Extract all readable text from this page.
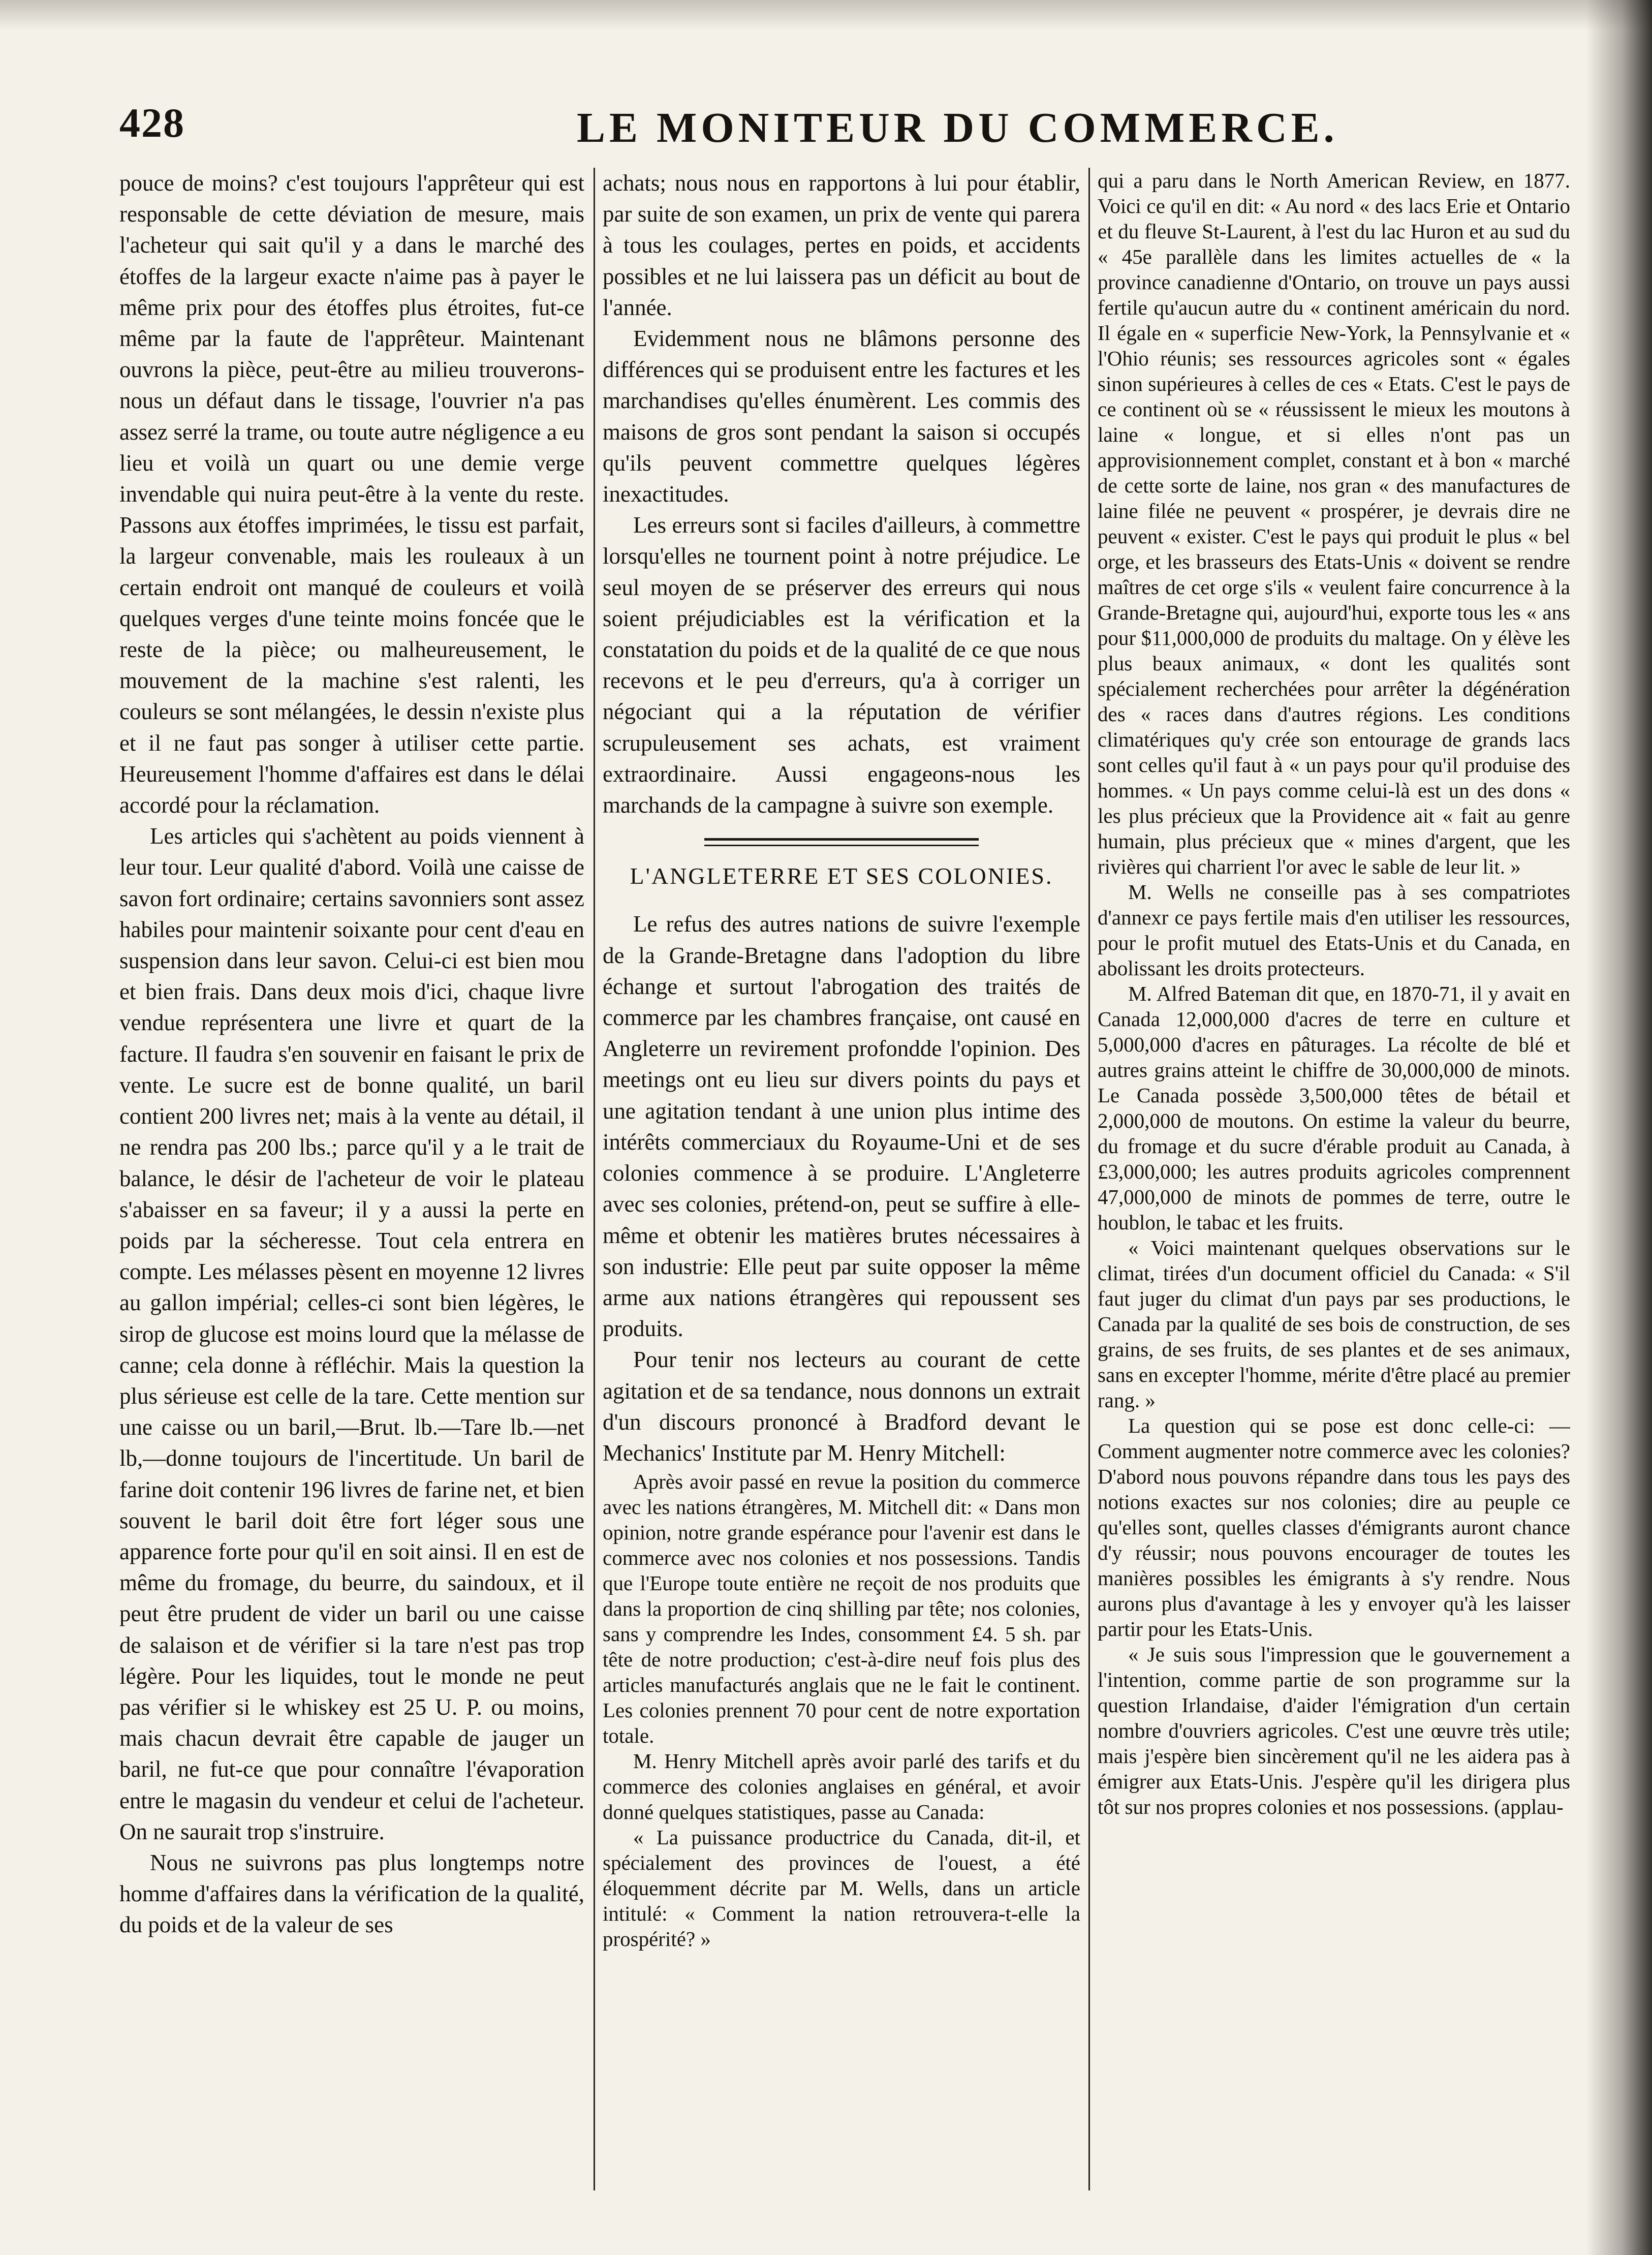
428	LE MONITEUR DU COMMERCE.

pouce de moins? c'est toujours l'apprêteur qui est responsable de cette déviation de mesure, mais l'acheteur qui sait qu'il y a dans le marché des étoffes de la largeur exacte n'aime pas à payer le même prix pour des étoffes plus étroites, fut-ce même par la faute de l'apprêteur. Maintenant ouvrons la pièce, peut-être au milieu trouverons-nous un défaut dans le tissage, l'ouvrier n'a pas assez serré la trame, ou toute autre négligence a eu lieu et voilà un quart ou une demie verge invendable qui nuira peut-être à la vente du reste. Passons aux étoffes imprimées, le tissu est parfait, la largeur convenable, mais les rouleaux à un certain endroit ont manqué de couleurs et voilà quelques verges d'une teinte moins foncée que le reste de la pièce; ou malheureusement, le mouvement de la machine s'est ralenti, les couleurs se sont mélangées, le dessin n'existe plus et il ne faut pas songer à utiliser cette partie. Heureusement l'homme d'affaires est dans le délai accordé pour la réclamation.

Les articles qui s'achètent au poids viennent à leur tour. Leur qualité d'abord. Voilà une caisse de savon fort ordinaire; certains savonniers sont assez habiles pour maintenir soixante pour cent d'eau en suspension dans leur savon. Celui-ci est bien mou et bien frais. Dans deux mois d'ici, chaque livre vendue représentera une livre et quart de la facture. Il faudra s'en souvenir en faisant le prix de vente. Le sucre est de bonne qualité, un baril contient 200 livres net; mais à la vente au détail, il ne rendra pas 200 lbs.; parce qu'il y a le trait de balance, le désir de l'acheteur de voir le plateau s'abaisser en sa faveur; il y a aussi la perte en poids par la sécheresse. Tout cela entrera en compte. Les mélasses pèsent en moyenne 12 livres au gallon impérial; celles-ci sont bien légères, le sirop de glucose est moins lourd que la mélasse de canne; cela donne à réfléchir. Mais la question la plus sérieuse est celle de la tare. Cette mention sur une caisse ou un baril,—Brut. lb.—Tare lb.—net lb,—donne toujours de l'incertitude. Un baril de farine doit contenir 196 livres de farine net, et bien souvent le baril doit être fort léger sous une apparence forte pour qu'il en soit ainsi. Il en est de même du fromage, du beurre, du saindoux, et il peut être prudent de vider un baril ou une caisse de salaison et de vérifier si la tare n'est pas trop légère. Pour les liquides, tout le monde ne peut pas vérifier si le whiskey est 25 U. P. ou moins, mais chacun devrait être capable de jauger un baril, ne fut-ce que pour connaître l'évaporation entre le magasin du vendeur et celui de l'acheteur. On ne saurait trop s'instruire.

Nous ne suivrons pas plus longtemps notre homme d'affaires dans la vérification de la qualité, du poids et de la valeur de ses

achats; nous nous en rapportons à lui pour établir, par suite de son examen, un prix de vente qui parera à tous les coulages, pertes en poids, et accidents possibles et ne lui laissera pas un déficit au bout de l'année.

Evidemment nous ne blâmons personne des différences qui se produisent entre les factures et les marchandises qu'elles énumèrent. Les commis des maisons de gros sont pendant la saison si occupés qu'ils peuvent commettre quelques légères inexactitudes.

Les erreurs sont si faciles d'ailleurs, à commettre lorsqu'elles ne tournent point à notre préjudice. Le seul moyen de se préserver des erreurs qui nous soient préjudiciables est la vérification et la constatation du poids et de la qualité de ce que nous recevons et le peu d'erreurs, qu'a à corriger un négociant qui a la réputation de vérifier scrupuleusement ses achats, est vraiment extraordinaire. Aussi engageons-nous les marchands de la campagne à suivre son exemple.

L'ANGLETERRE ET SES COLONIES.

Le refus des autres nations de suivre l'exemple de la Grande-Bretagne dans l'adoption du libre échange et surtout l'abrogation des traités de commerce par les chambres française, ont causé en Angleterre un revirement profondde l'opinion. Des meetings ont eu lieu sur divers points du pays et une agitation tendant à une union plus intime des intérêts commerciaux du Royaume-Uni et de ses colonies commence à se produire. L'Angleterre avec ses colonies, prétend-on, peut se suffire à elle-même et obtenir les matières brutes nécessaires à son industrie: Elle peut par suite opposer la même arme aux nations étrangères qui repoussent ses produits.

Pour tenir nos lecteurs au courant de cette agitation et de sa tendance, nous donnons un extrait d'un discours prononcé à Bradford devant le Mechanics' Institute par M. Henry Mitchell:

Après avoir passé en revue la position du commerce avec les nations étrangères, M. Mitchell dit: « Dans mon opinion, notre grande espérance pour l'avenir est dans le commerce avec nos colonies et nos possessions. Tandis que l'Europe toute entière ne reçoit de nos produits que dans la proportion de cinq shilling par tête; nos colonies, sans y comprendre les Indes, consomment £4. 5 sh. par tête de notre production; c'est-à-dire neuf fois plus des articles manufacturés anglais que ne le fait le continent. Les colonies prennent 70 pour cent de notre exportation totale.

M. Henry Mitchell après avoir parlé des tarifs et du commerce des colonies anglaises en général, et avoir donné quelques statistiques, passe au Canada:

« La puissance productrice du Canada, dit-il, et spécialement des provinces de l'ouest, a été éloquemment décrite par M. Wells, dans un article intitulé: « Comment la nation retrouvera-t-elle la prospérité? »

qui a paru dans le North American Review, en 1877. Voici ce qu'il en dit: « Au nord « des lacs Erie et Ontario et du fleuve St-Laurent, à l'est du lac Huron et au sud du « 45e parallèle dans les limites actuelles de « la province canadienne d'Ontario, on trouve un pays aussi fertile qu'aucun autre du « continent américain du nord. Il égale en « superficie New-York, la Pennsylvanie et « l'Ohio réunis; ses ressources agricoles sont « égales sinon supérieures à celles de ces « Etats. C'est le pays de ce continent où se « réussissent le mieux les moutons à laine « longue, et si elles n'ont pas un approvisionnement complet, constant et à bon « marché de cette sorte de laine, nos gran « des manufactures de laine filée ne peuvent « prospérer, je devrais dire ne peuvent « exister. C'est le pays qui produit le plus « bel orge, et les brasseurs des Etats-Unis « doivent se rendre maîtres de cet orge s'ils « veulent faire concurrence à la Grande-Bretagne qui, aujourd'hui, exporte tous les « ans pour $11,000,000 de produits du maltage. On y élève les plus beaux animaux, « dont les qualités sont spécialement recherchées pour arrêter la dégénération des « races dans d'autres régions. Les conditions climatériques qu'y crée son entourage de grands lacs sont celles qu'il faut à « un pays pour qu'il produise des hommes. « Un pays comme celui-là est un des dons « les plus précieux que la Providence ait « fait au genre humain, plus précieux que « mines d'argent, que les rivières qui charrient l'or avec le sable de leur lit. »

M. Wells ne conseille pas à ses compatriotes d'annexr ce pays fertile mais d'en utiliser les ressources, pour le profit mutuel des Etats-Unis et du Canada, en abolissant les droits protecteurs.

M. Alfred Bateman dit que, en 1870-71, il y avait en Canada 12,000,000 d'acres de terre en culture et 5,000,000 d'acres en pâturages. La récolte de blé et autres grains atteint le chiffre de 30,000,000 de minots. Le Canada possède 3,500,000 têtes de bétail et 2,000,000 de moutons. On estime la valeur du beurre, du fromage et du sucre d'érable produit au Canada, à £3,000,000; les autres produits agricoles comprennent 47,000,000 de minots de pommes de terre, outre le houblon, le tabac et les fruits.

« Voici maintenant quelques observations sur le climat, tirées d'un document officiel du Canada: « S'il faut juger du climat d'un pays par ses productions, le Canada par la qualité de ses bois de construction, de ses grains, de ses fruits, de ses plantes et de ses animaux, sans en excepter l'homme, mérite d'être placé au premier rang. »

La question qui se pose est donc celle-ci: — Comment augmenter notre commerce avec les colonies? D'abord nous pouvons répandre dans tous les pays des notions exactes sur nos colonies; dire au peuple ce qu'elles sont, quelles classes d'émigrants auront chance d'y réussir; nous pouvons encourager de toutes les manières possibles les émigrants à s'y rendre. Nous aurons plus d'avantage à les y envoyer qu'à les laisser partir pour les Etats-Unis.

« Je suis sous l'impression que le gouvernement a l'intention, comme partie de son programme sur la question Irlandaise, d'aider l'émigration d'un certain nombre d'ouvriers agricoles. C'est une œuvre très utile; mais j'espère bien sincèrement qu'il ne les aidera pas à émigrer aux Etats-Unis. J'espère qu'il les dirigera plus tôt sur nos propres colonies et nos possessions. (applau-
